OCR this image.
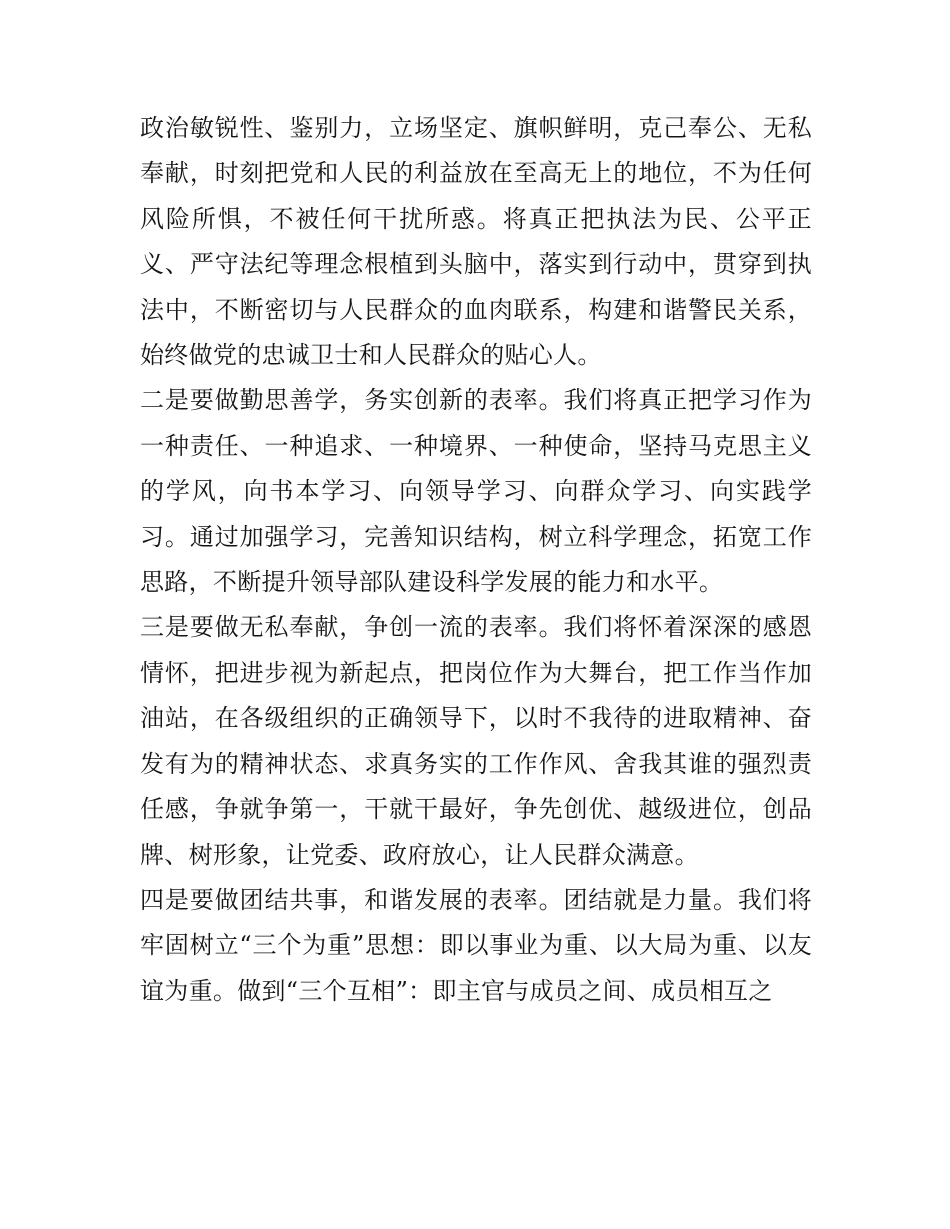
政治敏锐性、鉴别力，立场坚定、旗帜鲜明，克己奉公、无私奉献，时刻把党和人民的利益放在至高无上的地位，不为任何风险所惧，不被任何干扰所惑。将真正把执法为民、公平正义、严守法纪等理念根植到头脑中，落实到行动中，贯穿到执法中，不断密切与人民群众的血肉联系，构建和谐警民关系，始终做党的忠诚卫士和人民群众的贴心人。

二是要做勤思善学，务实创新的表率。我们将真正把学习作为一种责任、一种追求、一种境界、一种使命，坚持马克思主义的学风，向书本学习、向领导学习、向群众学习、向实践学习。通过加强学习，完善知识结构，树立科学理念，拓宽工作思路，不断提升领导部队建设科学发展的能力和水平。

三是要做无私奉献，争创一流的表率。我们将怀着深深的感恩情怀，把进步视为新起点，把岗位作为大舞台，把工作当作加油站，在各级组织的正确领导下，以时不我待的进取精神、奋发有为的精神状态、求真务实的工作作风、舍我其谁的强烈责任感，争就争第一，干就干最好，争先创优、越级进位，创品牌、树形象，让党委、政府放心，让人民群众满意。

四是要做团结共事，和谐发展的表率。团结就是力量。我们将牢固树立“三个为重”思想：即以事业为重、以大局为重、以友谊为重。做到“三个互相”：即主官与成员之间、成员相互之
